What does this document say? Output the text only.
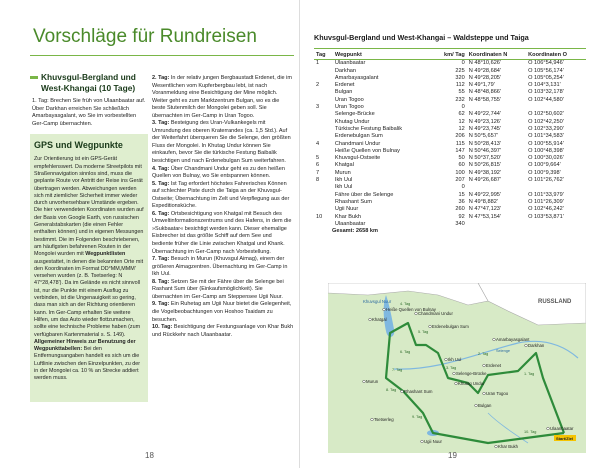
Vorschläge für Rundreisen
Khuvsgul-Bergland und West-Khangai (10 Tage)
1. Tag: Brechen Sie früh von Ulaanbaatar auf. Über Darkhan erreichen Sie schließlich Amarbayasgalant, wo Sie im vorbestellten Ger-Camp übernachten.
GPS und Wegpunkte
Zur Orientierung ist ein GPS-Gerät empfehlenswert. Da moderne Streetpilots mit Straßennavigation sinnlos sind, muss die geplante Route vor Antritt der Reise ins Gerät übertragen werden. Abweichungen werden sich mit ziemlicher Sicherheit immer wieder durch unvorhersehbare Umstände ergeben. Die hier verwendeten Koordinaten wurden auf der Basis von Google Earth, von russischen Generalstabskarten (die einen Fehler enthalten können) und in eigenen Messungen bestimmt. Die im Folgenden beschriebenen, am häufigsten befahrenen Routen in der Mongolei wurden mit Wegpunktlisten ausgestattet, in denen die bekannten Orte mit den Koordinaten im Format DD°MM,MMM' versehen wurden (z. B. Tsetserleg: N 47°28,478'). Da im Gelände es nicht sinnvoll ist, nur die Punkte mit einem Ausflug zu verbinden, ist die Ungenauigkeit so gering, dass man sich an der Richtung orientieren kann. Im Ger-Camp erhalten Sie weitere Hilfen, um das Auto wieder flottzumachen, sollte eine technische Probleme haben (zum verfügbaren Kartenmaterial s. S. 149).
Allgemeiner Hinweis zur Benutzung der Wegpunkttabellen: Bei den Entfernungsangaben handelt es sich um die Luftlinie zwischen den Einzelpunkten, zu der in der Mongolei ca. 10 % an Strecke addiert werden muss.
2. Tag: In der relativ jungen Bergbaustadt Erdenet, die im Wesentlichen vom Kupferbergbau lebt, ist nach Voranmeldung eine Besichtigung der Mine möglich. Weiter geht es zum Marktzentrum Bulgan, wo es die beste Stutenmilch der Mongolei geben soll. Sie übernachten im Ger-Camp in Uran Togoo.
3. Tag: Besteigung des Uran-Vulkankegels mit Umrundung des oberen Kraterrandes (ca. 1,5 Std.). Auf der Weiterfahrt überqueren Sie die Selenge, den größten Fluss der Mongolei. In Khutag Undur können Sie einkaufen, bevor Sie die türkische Festung Baibalik besichtigen und nach Erdenebulgan Sum weiterfahren.
4. Tag: Über Chandmani Undur geht es zu den heißen Quellen von Bulnay, wo Sie entspannen können.
5. Tag: Ist Tag erfordert höchstes Fahrerisches Können auf schlechter Piste durch die Taiga an der Khuvsgul-Ostseite; Übernachtung im Zelt und Verpflegung aus der Expeditionsküche.
6. Tag: Ortsbesichtigung von Khatgal mit Besuch des Umweltinformationszentrums und des Hafens, in dem die »Sukbaatar« besichtigt werden kann. Dieser ehemalige Eisbrecher ist das größte Schiff auf dem See und bediente früher die Linie zwischen Khatgal und Khank. Übernachtung im Ger-Camp nach Vorbestellung.
7. Tag: Besuch in Murun (Khuvsgul Aimag), einem der größeren Aimagzentren. Übernachtung im Ger-Camp in Ikh Uul.
8. Tag: Setzen Sie mit der Fähre über die Selenge bei Rashant Sum über (Einkaufsmöglichkeit). Sie übernachten im Ger-Camp am Steppensee Ugii Nuur.
9. Tag: Ein Ruhetag am Ugii Nuur bietet die Gelegenheit, die Vogelbeobachtungen von Hoshoo Tsaidam zu besuchen.
10. Tag: Besichtigung der Festungsanlage von Khar Bukh und Rückkehr nach Ulaanbaatar.
18
Khuvsgul-Bergland und West-Khangai – Waldsteppe und Taiga
Tag	Wegpunkt	km/ Tag	Koordinaten N	Koordinaten O
1	Ulaanbaatar	0	N 48°10,626'	O 106°54,946'
	Darkhan	225	N 49°28,684'	O 105°56,174'
	Amarbayasgalant	320	N 49°28,205'	O 105°05,254'
2	Erdenet	112	N 49°1,79'	O 104°3,131'
	Bulgan	55	N 48°48,866'	O 103°32,178'
	Uran Togoo	232	N 48°58,755'	O 102°44,580'
3	Uran Togoo	0		
	Selenge-Brücke	62	N 49°22,744'	O 102°50,602'
	Khutag Undur	12	N 49°23,126'	O 102°42,250'
	Türkische Festung Baibalik	12	N 49°23,745'	O 102°33,290'
	Erdenebulgan Sum	206	N 50°5,657'	O 101°34,583'
4	Chandmani Undur	115	N 50°28,413'	O 100°55,914'
	Heiße Quellen von Bulnay	147	N 50°46,397'	O 100°48,398'
5	Khuvsgul-Ostseite	50	N 50°37,520'	O 100°30,026'
6	Khatgal	60	N 50°26,815'	O 100°9,664'
7	Murun	100	N 49°38,192'	O 100°9,398'
8	Ikh Uul	207	N 49°26,687'	O 101°26,762'
	Ikh Uul	0		
	Fähre über die Selenge	15	N 49°22,995'	O 101°33,979'
	Rhashant Sum	36	N 49°8,882'	O 101°26,309'
	Ugii Nuur	260	N 47°47,123'	O 102°46,242'
10	Khar Bukh	92	N 47°53,154'	O 103°53,871'
	Ulaanbaatar	340		
Gesamt: 2658 km				
Khatgal
Heiße Quellen von Bulnay
Chandmani Undur
Erdenebulgan Sum
Murun
Selenge-Brücke
Khutag Undur
Erdenet
Darkhan
Amarbayasgalant
Ikh Uul
Rhashant Sum	Uran Togoo
Bulgan
Ugii Nuur
Khar Bukh
Ulaanbaatar
Tsetserleg
4. Tag
5. Tag
6. Tag
7. Tag
8. Tag
9. Tag
3. Tag
2. Tag
1. Tag
10. Tag
Selenge
RUSSLAND
Khuvsgul Nuur
Start/Ziel
19
